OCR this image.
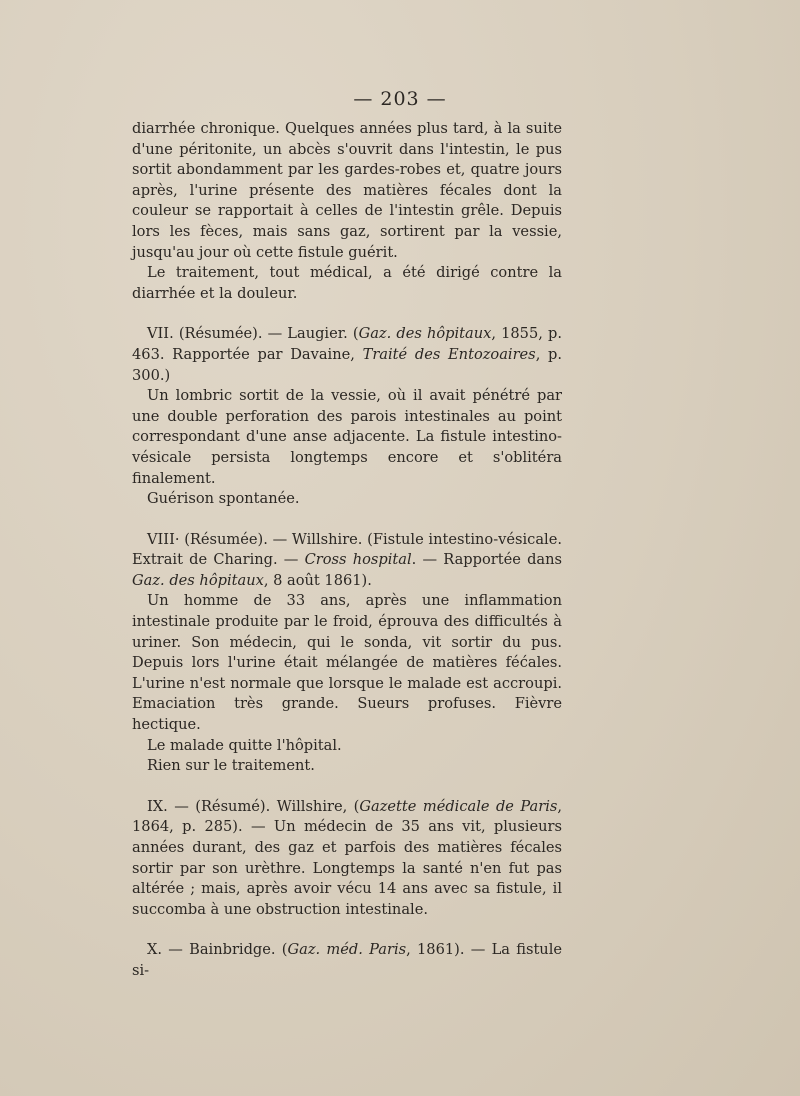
— 203 —

diarrhée chronique. Quelques années plus tard, à la suite d'une péritonite, un abcès s'ouvrit dans l'intestin, le pus sortit abondamment par les gardes-robes et, quatre jours après, l'urine présente des matières fécales dont la couleur se rapportait à celles de l'intestin grêle. Depuis lors les fèces, mais sans gaz, sortirent par la vessie, jusqu'au jour où cette fistule guérit.

Le traitement, tout médical, a été dirigé contre la diarrhée et la douleur.

VII. (Résumée). — Laugier. (Gaz. des hôpitaux, 1855, p. 463. Rapportée par Davaine, Traité des Entozoaires, p. 300.)

Un lombric sortit de la vessie, où il avait pénétré par une double perforation des parois intestinales au point correspondant d'une anse adjacente. La fistule intestino-vésicale persista longtemps encore et s'oblitéra finalement.

Guérison spontanée.

VIII· (Résumée). — Willshire. (Fistule intestino-vésicale. Extrait de Charing. — Cross hospital. — Rapportée dans Gaz. des hôpitaux, 8 août 1861).

Un homme de 33 ans, après une inflammation intestinale produite par le froid, éprouva des difficultés à uriner. Son médecin, qui le sonda, vit sortir du pus. Depuis lors l'urine était mélangée de matières féćales. L'urine n'est normale que lorsque le malade est accroupi. Emaciation très grande. Sueurs profuses. Fièvre hectique.

Le malade quitte l'hôpital.

Rien sur le traitement.

IX. — (Résumé). Willshire, (Gazette médicale de Paris, 1864, p. 285). — Un médecin de 35 ans vit, plusieurs années durant, des gaz et parfois des matières fécales sortir par son urèthre. Longtemps la santé n'en fut pas altérée ; mais, après avoir vécu 14 ans avec sa fistule, il succomba à une obstruction intestinale.

X. — Bainbridge. (Gaz. méd. Paris, 1861). — La fistule si-
